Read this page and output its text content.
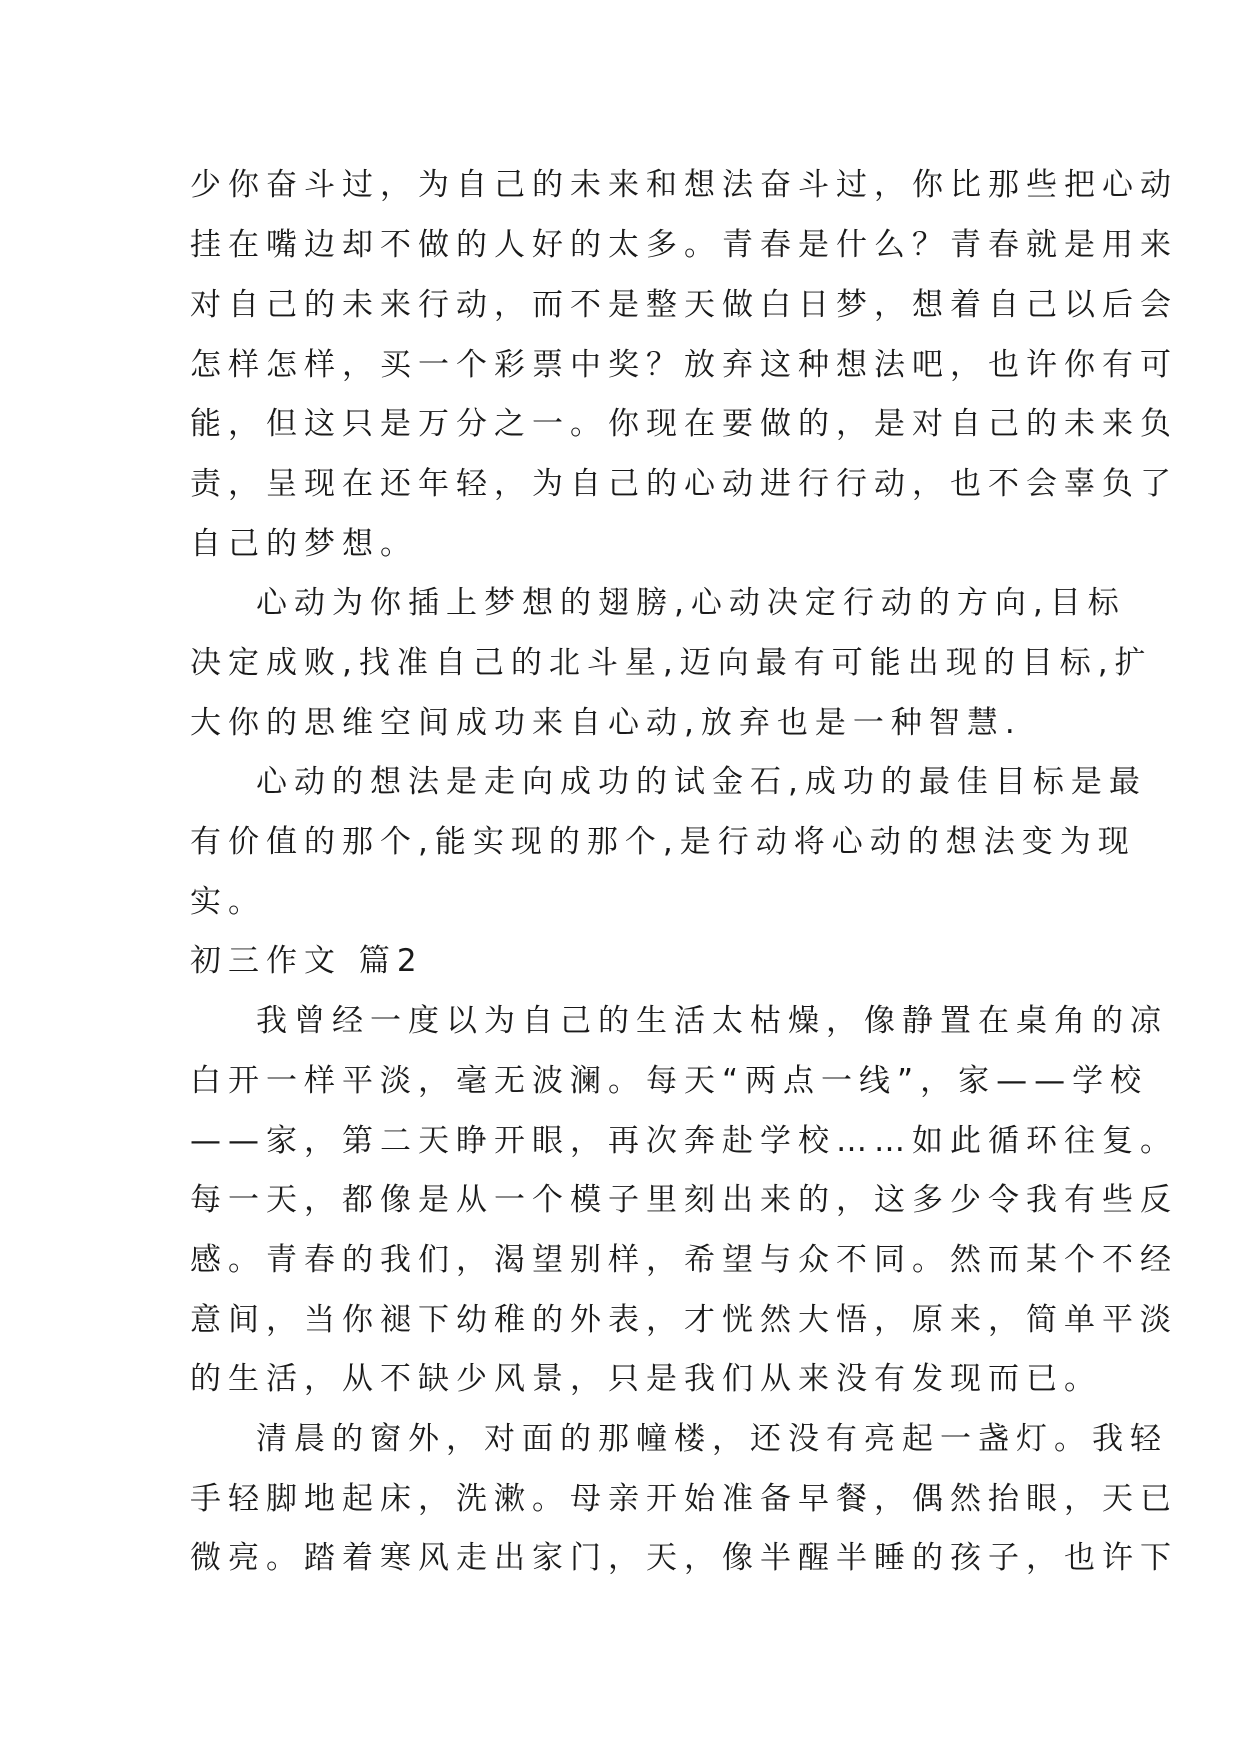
少你奋斗过，为自己的未来和想法奋斗过，你比那些把心动
挂在嘴边却不做的人好的太多。青春是什么？青春就是用来
对自己的未来行动，而不是整天做白日梦，想着自己以后会
怎样怎样，买一个彩票中奖？放弃这种想法吧，也许你有可
能，但这只是万分之一。你现在要做的，是对自己的未来负
责，呈现在还年轻，为自己的心动进行行动，也不会辜负了
自己的梦想。
心动为你插上梦想的翅膀,心动决定行动的方向,目标
决定成败,找准自己的北斗星,迈向最有可能出现的目标,扩
大你的思维空间成功来自心动,放弃也是一种智慧.
心动的想法是走向成功的试金石,成功的最佳目标是最
有价值的那个,能实现的那个,是行动将心动的想法变为现
实。
初三作文 篇2
我曾经一度以为自己的生活太枯燥，像静置在桌角的凉
白开一样平淡，毫无波澜。每天“两点一线”，家——学校
——家，第二天睁开眼，再次奔赴学校……如此循环往复。
每一天，都像是从一个模子里刻出来的，这多少令我有些反
感。青春的我们，渴望别样，希望与众不同。然而某个不经
意间，当你褪下幼稚的外表，才恍然大悟，原来，简单平淡
的生活，从不缺少风景，只是我们从来没有发现而已。
清晨的窗外，对面的那幢楼，还没有亮起一盏灯。我轻
手轻脚地起床，洗漱。母亲开始准备早餐，偶然抬眼，天已
微亮。踏着寒风走出家门，天，像半醒半睡的孩子，也许下
